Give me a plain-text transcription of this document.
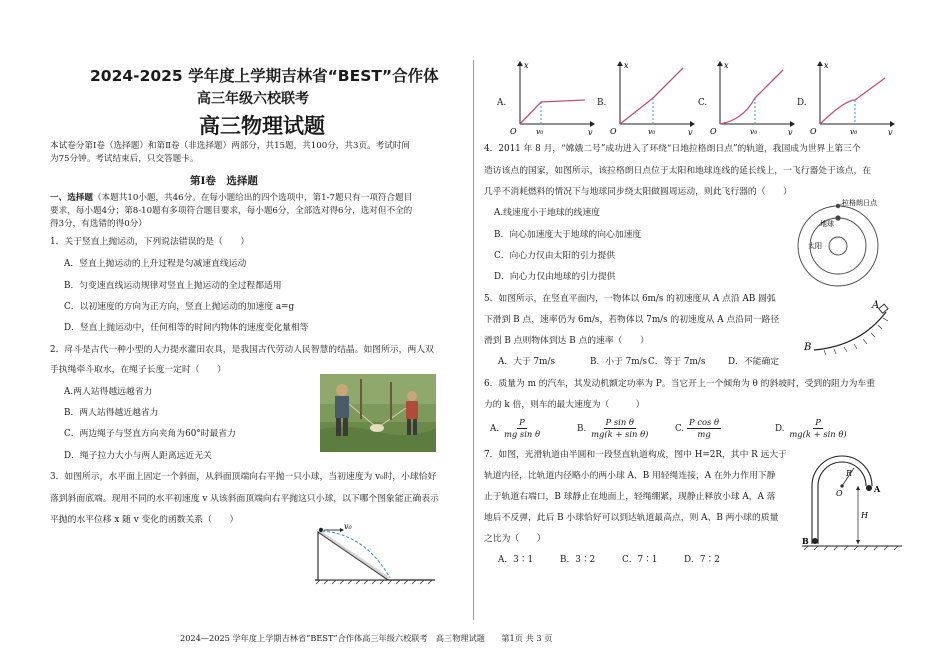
2024-2025 学年度上学期吉林省“BEST”合作体
高三年级六校联考
高三物理试题
本试卷分第Ⅰ卷（选择题）和第Ⅱ卷（非选择题）两部分，共15题，共100分，共3页。考试时间
为75分钟。考试结束后，只交答题卡。
第Ⅰ卷　选择题
一、选择题（本题共10小题，共46分。在每小题给出的四个选项中，第1-7题只有一项符合题目
要求，每小题4分；第8-10题有多项符合题目要求，每小题6分，全部选对得6分，选对但不全的
得3分，有选错的得0分）
1．关于竖直上抛运动，下列说法错误的是（　　）
A．竖直上抛运动的上升过程是匀减速直线运动
B．匀变速直线运动规律对竖直上抛运动的全过程都适用
C．以初速度的方向为正方向，竖直上抛运动的加速度 a=g
D．竖直上抛运动中，任何相等的时间内物体的速度变化量相等
2．戽斗是古代一种小型的人力提水灌田农具，是我国古代劳动人民智慧的结晶。如图所示，两人双
手执绳牵斗取水，在绳子长度一定时（　　）
A.两人站得越远越省力
B．两人站得越近越省力
C．两边绳子与竖直方向夹角为60°时最省力
D．绳子拉力大小与两人距离远近无关
3．如图所示，水平面上固定一个斜面，从斜面顶端向右平抛一只小球，当初速度为 v₀时，小球恰好
落到斜面底端。现用不同的水平初速度 v 从该斜面顶端向右平抛这只小球，以下哪个图象能正确表示
平抛的水平位移 x 随 v 变化的函数关系（　　）
v₀
A.	B.	C.	D.
x
v
O	v₀
x
v
O	v₀
x
v
O	v₀
x
v
O	v₀
4．2011 年 8 月，“嫦娥二号”成功进入了环绕“日地拉格朗日点”的轨道，我国成为世界上第三个
造访该点的国家，如图所示，该拉格朗日点位于太阳和地球连线的延长线上，一飞行器处于该点，在
几乎不消耗燃料的情况下与地球同步绕太阳做圆周运动，则此飞行器的（　　）
A.线速度小于地球的线速度
B．向心加速度大于地球的向心加速度
C．向心力仅由太阳的引力提供
D．向心力仅由地球的引力提供
拉格朗日点
地球
太阳
5．如图所示，在竖直平面内，一物体以 6m/s 的初速度从 A 点沿 AB 圆弧
下滑到 B 点，速率仍为 6m/s，若物体以 7m/s 的初速度从 A 点沿同一路径
滑到 B 点则物体到达 B 点的速率（　　）
A．大于 7m/s	B．小于 7m/s C．等于 7m/s	D．不能确定
A
B
6．质量为 m 的汽车，其发动机额定功率为 P。当它开上一个倾角为 θ 的斜坡时，受到的阻力为车重
力的 k 倍，则车的最大速度为（　　　）
A. $\frac{P}{\text{mg sin θ}}$	B. $\frac{\text{P sin θ}}{\text{mg(k + sin θ)}}$	C. $\frac{\text{P cos θ}}{mg}$	D. $\frac{P}{\text{mg(k + sin θ)}}$
7．如图，光滑轨道由半圆和一段竖直轨道构成，图中 H=2R，其中 R 远大于
轨道内径，比轨道内径略小的两小球 A、B 用轻绳连接，A 在外力作用下静
止于轨道右端口，B 球静止在地面上，轻绳绷紧，现静止释放小球 A，A 落
地后不反弹，此后 B 小球恰好可以到达轨道最高点，则 A、B 两小球的质量
之比为（　　）
A．3∶1	B．3∶2	C．7∶1	D．7∶2
R
O	A
B
H
2024—2025 学年度上学期吉林省“BEST”合作体高三年级六校联考　高三物理试题　　第1页 共 3 页
